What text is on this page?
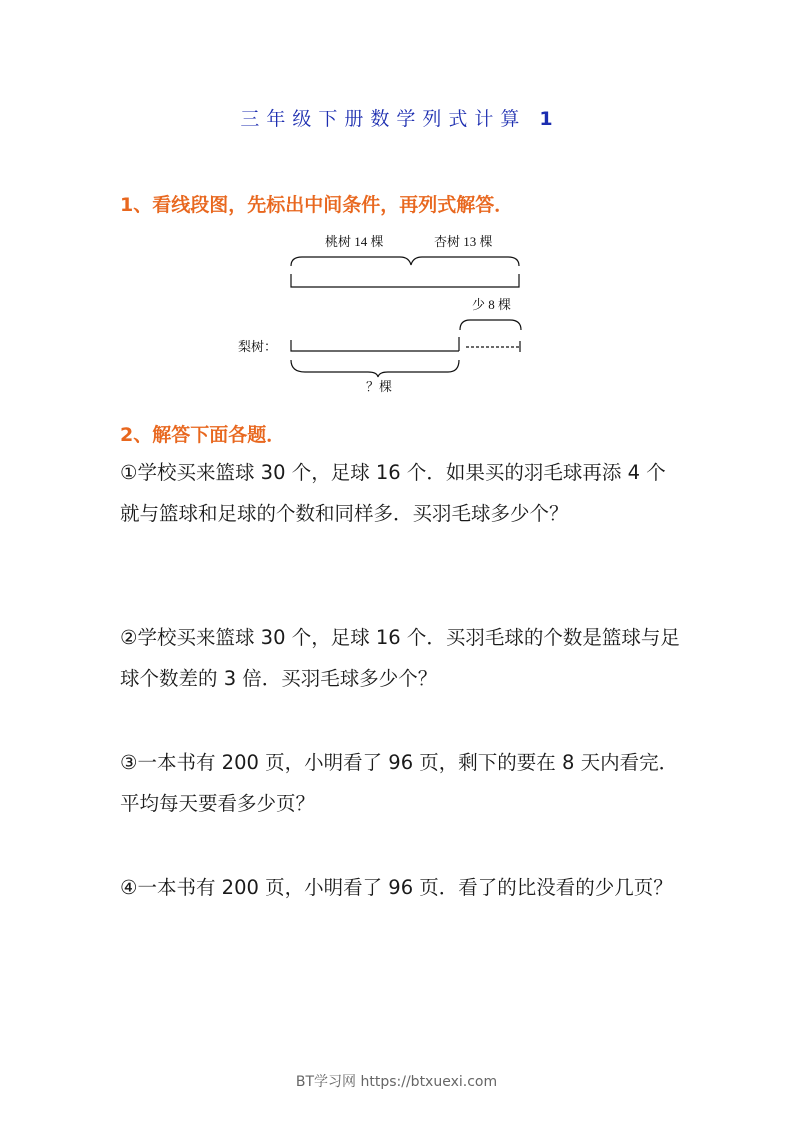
三年级下册数学列式计算 1
1、看线段图，先标出中间条件，再列式解答．
桃树 14 棵	杏树 13 棵
少 8 棵
梨树：
？棵
2、解答下面各题．
①学校买来篮球 30 个，足球 16 个．如果买的羽毛球再添 4 个就与篮球和足球的个数和同样多．买羽毛球多少个？
②学校买来篮球 30 个，足球 16 个．买羽毛球的个数是篮球与足球个数差的 3 倍．买羽毛球多少个？
③一本书有 200 页，小明看了 96 页，剩下的要在 8 天内看完．平均每天要看多少页？
④一本书有 200 页，小明看了 96 页．看了的比没看的少几页？
BT学习网 https://btxuexi.com
